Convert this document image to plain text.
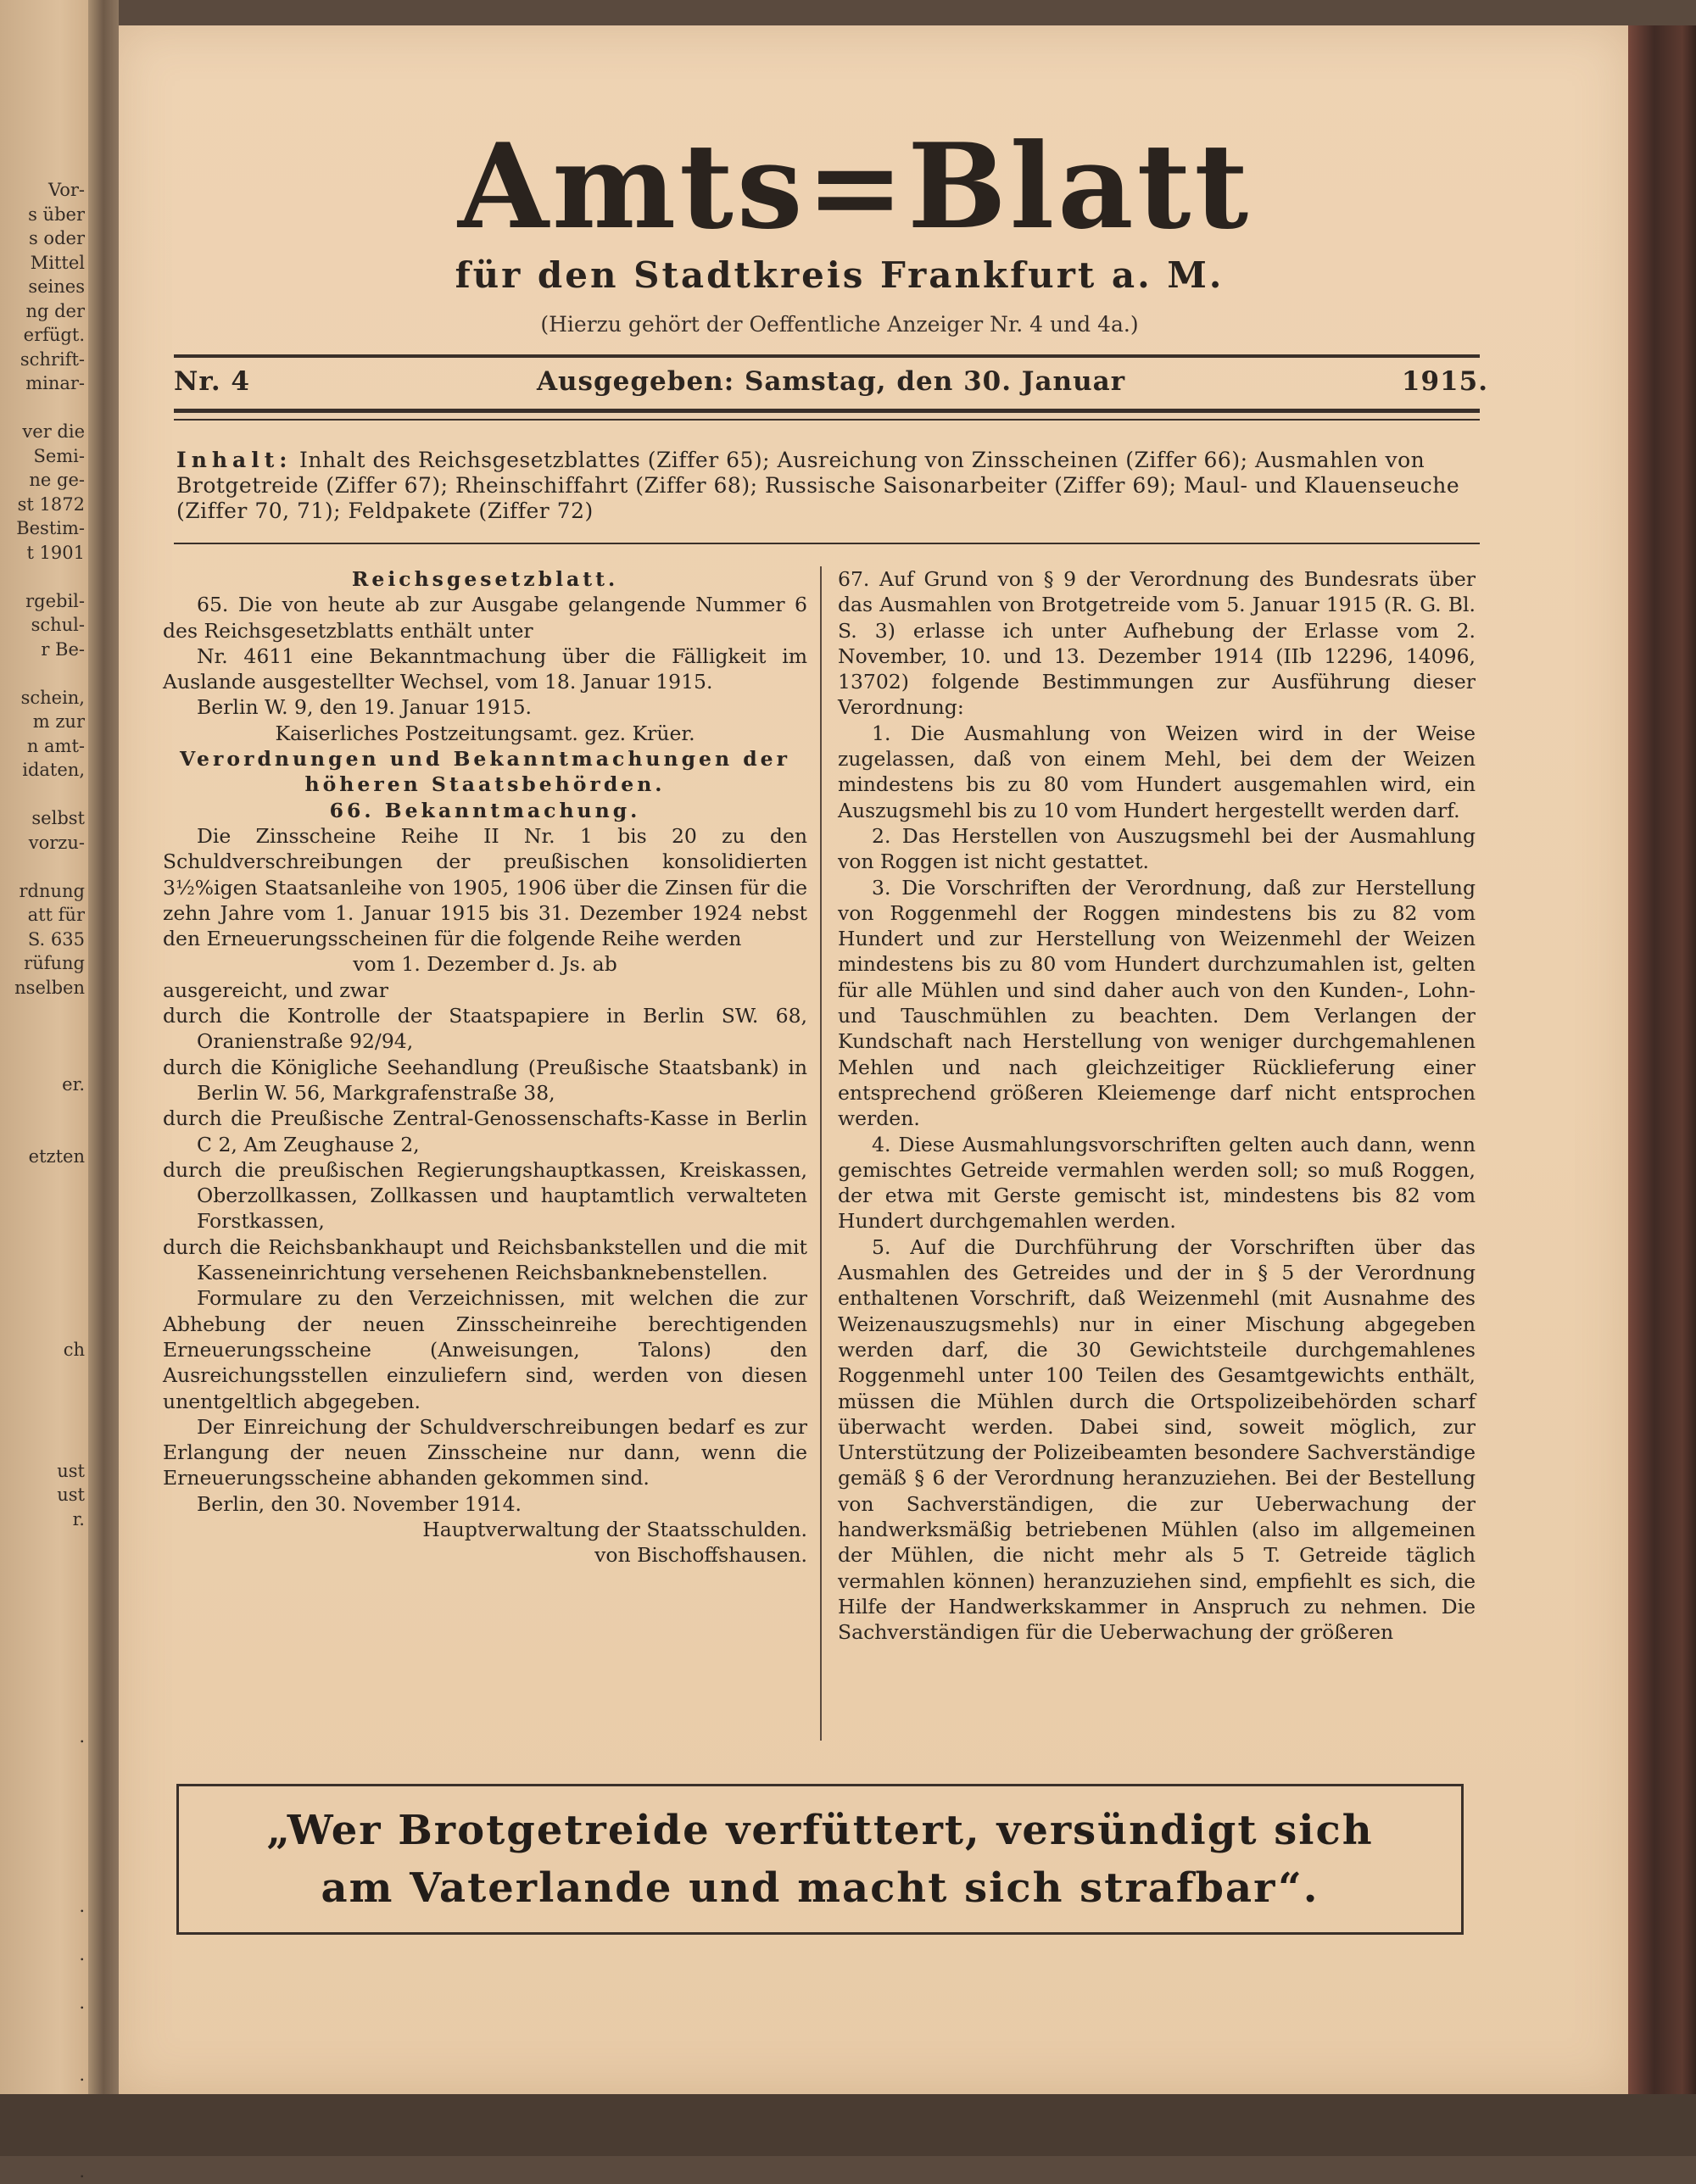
Vor-
s über
s oder
Mittel
seines
ng der
erfügt.
schrift-
minar-
ver die
Semi-
ne ge-
st 1872
Bestim-
t 1901
rgebil-
schul-
r Be-
schein,
m zur
n amt-
idaten,
selbst
vorzu-
rdnung
att für
S. 635
rüfung
nselben
er.
etzten
ch
ust
ust
r.
.
.
.
.
.
.
Amts=Blatt
für den Stadtkreis Frankfurt a. M.
(Hierzu gehört der Oeffentliche Anzeiger Nr. 4 und 4a.)
Nr. 4	Ausgegeben: Samstag, den 30. Januar	1915.
Inhalt: Inhalt des Reichsgesetzblattes (Ziffer 65); Ausreichung von Zinsscheinen (Ziffer 66); Ausmahlen von Brotgetreide (Ziffer 67); Rheinschiffahrt (Ziffer 68); Russische Saisonarbeiter (Ziffer 69); Maul- und Klauenseuche (Ziffer 70, 71); Feldpakete (Ziffer 72)

Reichsgesetzblatt.

65. Die von heute ab zur Ausgabe gelangende Nummer 6 des Reichsgesetzblatts enthält unter

Nr. 4611 eine Bekanntmachung über die Fälligkeit im Auslande ausgestellter Wechsel, vom 18. Januar 1915.

Berlin W. 9, den 19. Januar 1915.

Kaiserliches Postzeitungsamt. gez. Krüer.

Verordnungen und Bekanntmachungen der höheren Staatsbehörden.

66. Bekanntmachung.

Die Zinsscheine Reihe II Nr. 1 bis 20 zu den Schuldverschreibungen der preußischen konsolidierten 3½%igen Staatsanleihe von 1905, 1906 über die Zinsen für die zehn Jahre vom 1. Januar 1915 bis 31. Dezember 1924 nebst den Erneuerungsscheinen für die folgende Reihe werden

vom 1. Dezember d. Js. ab

ausgereicht, und zwar

durch die Kontrolle der Staatspapiere in Berlin SW. 68, Oranienstraße 92/94,

durch die Königliche Seehandlung (Preußische Staatsbank) in Berlin W. 56, Markgrafenstraße 38,

durch die Preußische Zentral-Genossenschafts-Kasse in Berlin C 2, Am Zeughause 2,

durch die preußischen Regierungshauptkassen, Kreiskassen, Oberzollkassen, Zollkassen und hauptamtlich verwalteten Forstkassen,

durch die Reichsbankhaupt und Reichsbankstellen und die mit Kasseneinrichtung versehenen Reichsbanknebenstellen.

Formulare zu den Verzeichnissen, mit welchen die zur Abhebung der neuen Zinsscheinreihe berechtigenden Erneuerungsscheine (Anweisungen, Talons) den Ausreichungsstellen einzuliefern sind, werden von diesen unentgeltlich abgegeben.

Der Einreichung der Schuldverschreibungen bedarf es zur Erlangung der neuen Zinsscheine nur dann, wenn die Erneuerungsscheine abhanden gekommen sind.

Berlin, den 30. November 1914.

Hauptverwaltung der Staatsschulden.

von Bischoffshausen.

67. Auf Grund von § 9 der Verordnung des Bundesrats über das Ausmahlen von Brotgetreide vom 5. Januar 1915 (R. G. Bl. S. 3) erlasse ich unter Aufhebung der Erlasse vom 2. November, 10. und 13. Dezember 1914 (IIb 12296, 14096, 13702) folgende Bestimmungen zur Ausführung dieser Verordnung:

1. Die Ausmahlung von Weizen wird in der Weise zugelassen, daß von einem Mehl, bei dem der Weizen mindestens bis zu 80 vom Hundert ausgemahlen wird, ein Auszugsmehl bis zu 10 vom Hundert hergestellt werden darf.

2. Das Herstellen von Auszugsmehl bei der Ausmahlung von Roggen ist nicht gestattet.

3. Die Vorschriften der Verordnung, daß zur Herstellung von Roggenmehl der Roggen mindestens bis zu 82 vom Hundert und zur Herstellung von Weizenmehl der Weizen mindestens bis zu 80 vom Hundert durchzumahlen ist, gelten für alle Mühlen und sind daher auch von den Kunden-, Lohn- und Tauschmühlen zu beachten. Dem Verlangen der Kundschaft nach Herstellung von weniger durchgemahlenen Mehlen und nach gleichzeitiger Rücklieferung einer entsprechend größeren Kleiemenge darf nicht entsprochen werden.

4. Diese Ausmahlungsvorschriften gelten auch dann, wenn gemischtes Getreide vermahlen werden soll; so muß Roggen, der etwa mit Gerste gemischt ist, mindestens bis 82 vom Hundert durchgemahlen werden.

5. Auf die Durchführung der Vorschriften über das Ausmahlen des Getreides und der in § 5 der Verordnung enthaltenen Vorschrift, daß Weizenmehl (mit Ausnahme des Weizenauszugsmehls) nur in einer Mischung abgegeben werden darf, die 30 Gewichtsteile durchgemahlenes Roggenmehl unter 100 Teilen des Gesamtgewichts enthält, müssen die Mühlen durch die Ortspolizeibehörden scharf überwacht werden. Dabei sind, soweit möglich, zur Unterstützung der Polizeibeamten besondere Sachverständige gemäß § 6 der Verordnung heranzuziehen. Bei der Bestellung von Sachverständigen, die zur Ueberwachung der handwerksmäßig betriebenen Mühlen (also im allgemeinen der Mühlen, die nicht mehr als 5 T. Getreide täglich vermahlen können) heranzuziehen sind, empfiehlt es sich, die Hilfe der Handwerkskammer in Anspruch zu nehmen. Die Sachverständigen für die Ueberwachung der größeren

„Wer Brotgetreide verfüttert, versündigt sich
am Vaterlande und macht sich strafbar“.
